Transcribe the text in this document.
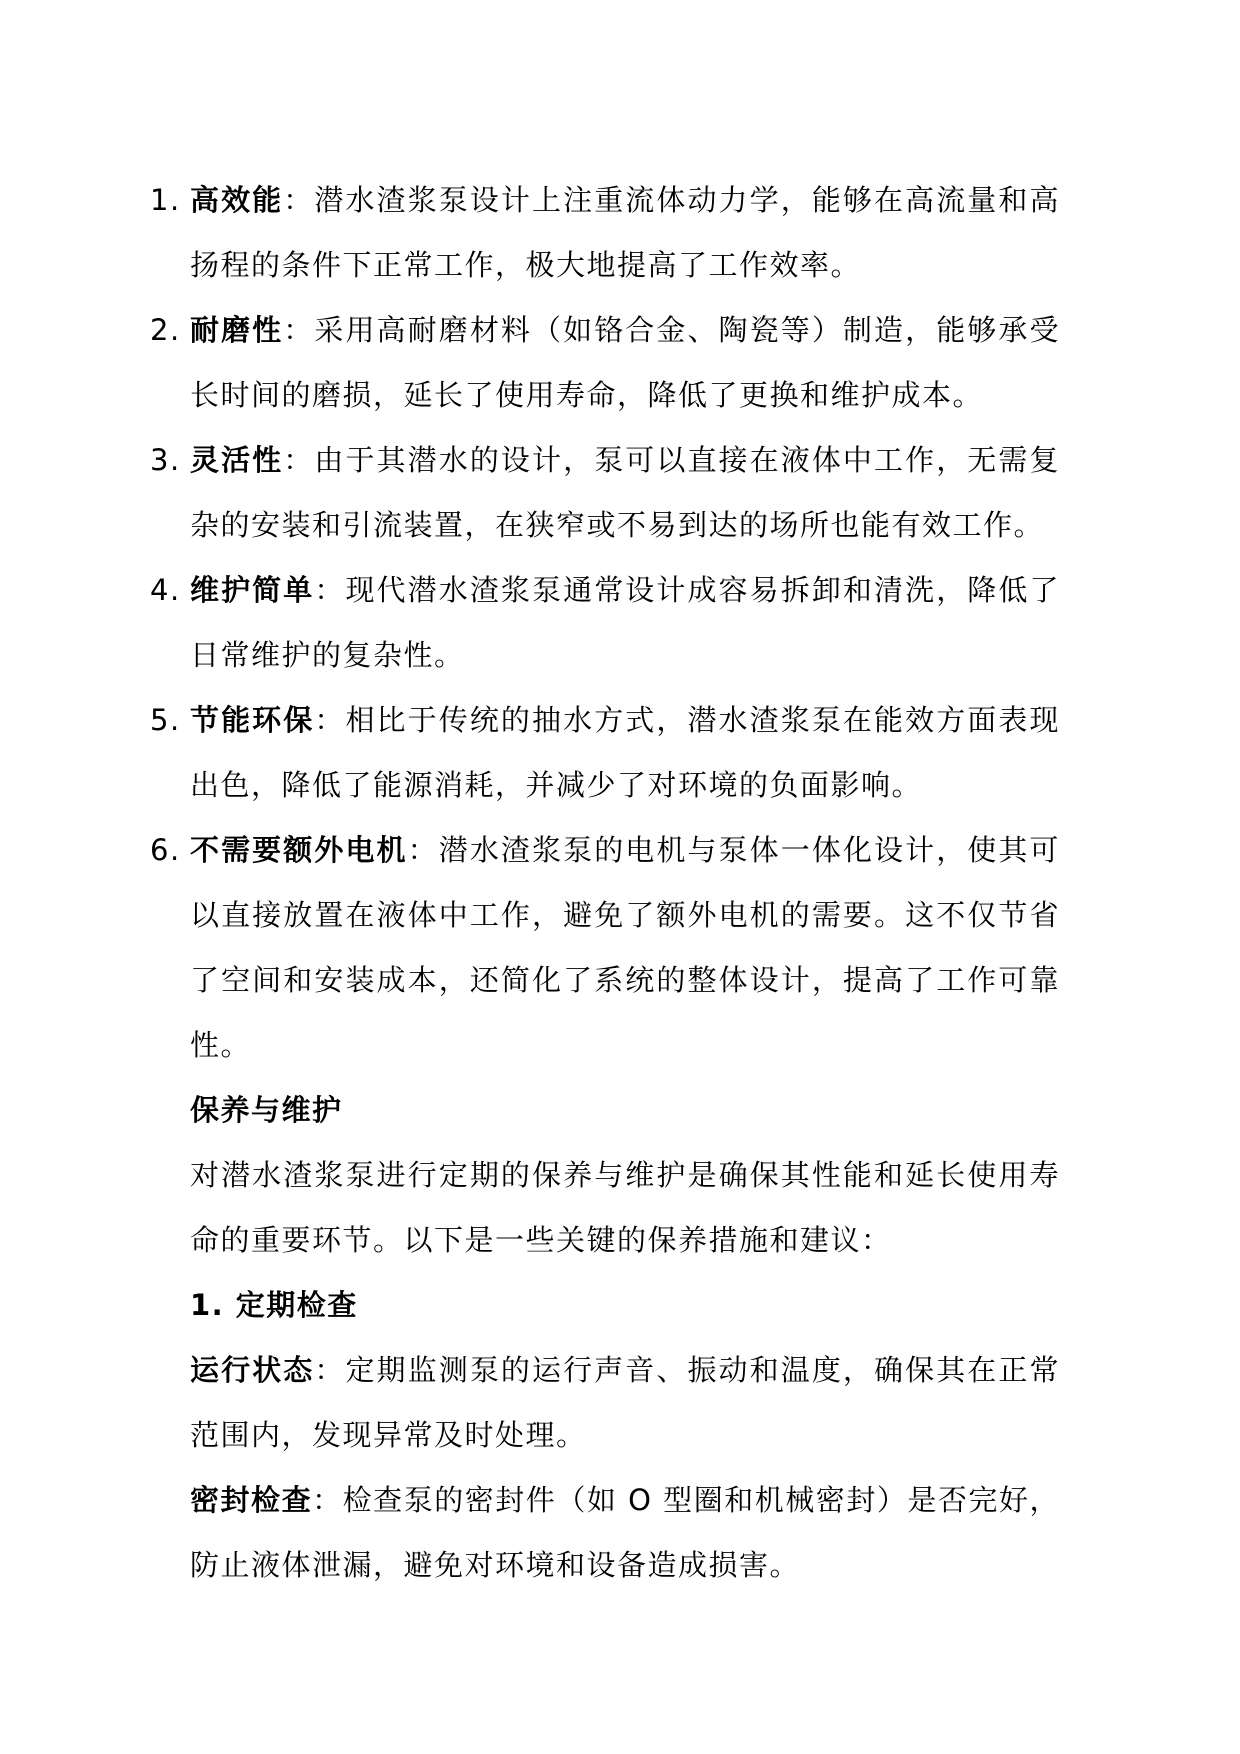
1. 高效能：潜水渣浆泵设计上注重流体动力学，能够在高流量和高扬程的条件下正常工作，极大地提高了工作效率。
2. 耐磨性：采用高耐磨材料（如铬合金、陶瓷等）制造，能够承受长时间的磨损，延长了使用寿命，降低了更换和维护成本。
3. 灵活性：由于其潜水的设计，泵可以直接在液体中工作，无需复杂的安装和引流装置，在狭窄或不易到达的场所也能有效工作。
4. 维护简单：现代潜水渣浆泵通常设计成容易拆卸和清洗，降低了日常维护的复杂性。
5. 节能环保：相比于传统的抽水方式，潜水渣浆泵在能效方面表现出色，降低了能源消耗，并减少了对环境的负面影响。
6. 不需要额外电机：潜水渣浆泵的电机与泵体一体化设计，使其可以直接放置在液体中工作，避免了额外电机的需要。这不仅节省了空间和安装成本，还简化了系统的整体设计，提高了工作可靠性。
保养与维护
对潜水渣浆泵进行定期的保养与维护是确保其性能和延长使用寿命的重要环节。以下是一些关键的保养措施和建议：
1. 定期检查
运行状态：定期监测泵的运行声音、振动和温度，确保其在正常范围内，发现异常及时处理。
密封检查：检查泵的密封件（如 O 型圈和机械密封）是否完好，防止液体泄漏，避免对环境和设备造成损害。
